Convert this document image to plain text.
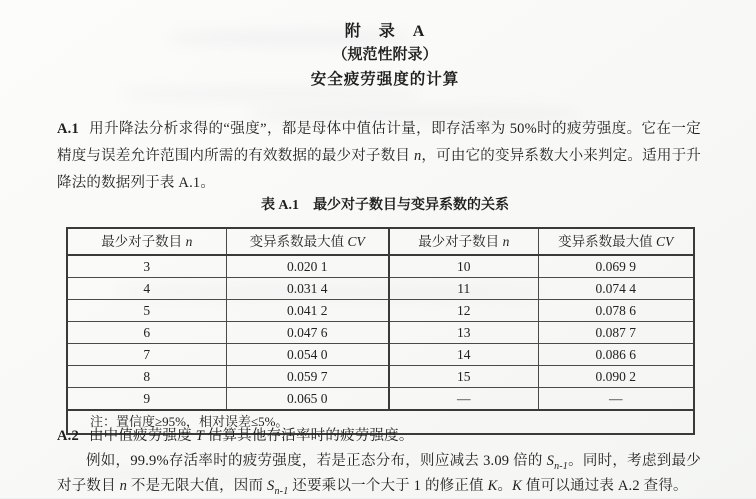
附　录　A
（规范性附录）
安全疲劳强度的计算
A.1 用升降法分析求得的“强度”，都是母体中值估计量，即存活率为 50%时的疲劳强度。它在一定精度与误差允许范围内所需的有效数据的最少对子数目 n，可由它的变异系数大小来判定。适用于升降法的数据列于表 A.1。
表 A.1 最少对子数目与变异系数的关系
最少对子数目 n	变异系数最大值 CV	最少对子数目 n	变异系数最大值 CV
3	0.020 1	10	0.069 9
4	0.031 4	11	0.074 4
5	0.041 2	12	0.078 6
6	0.047 6	13	0.087 7
7	0.054 0	14	0.086 6
8	0.059 7	15	0.090 2
9	0.065 0	—	—
注：置信度≥95%，相对误差≤5%。			

A.2 由中值疲劳强度 T 估算其他存活率时的疲劳强度。

例如，99.9%存活率时的疲劳强度，若是正态分布，则应减去 3.09 倍的 $S_{n-1}$。同时，考虑到最少对子数目 n 不是无限大值，因而 $S_{n-1}$ 还要乘以一个大于 1 的修正值 K。K 值可以通过表 A.2 查得。
